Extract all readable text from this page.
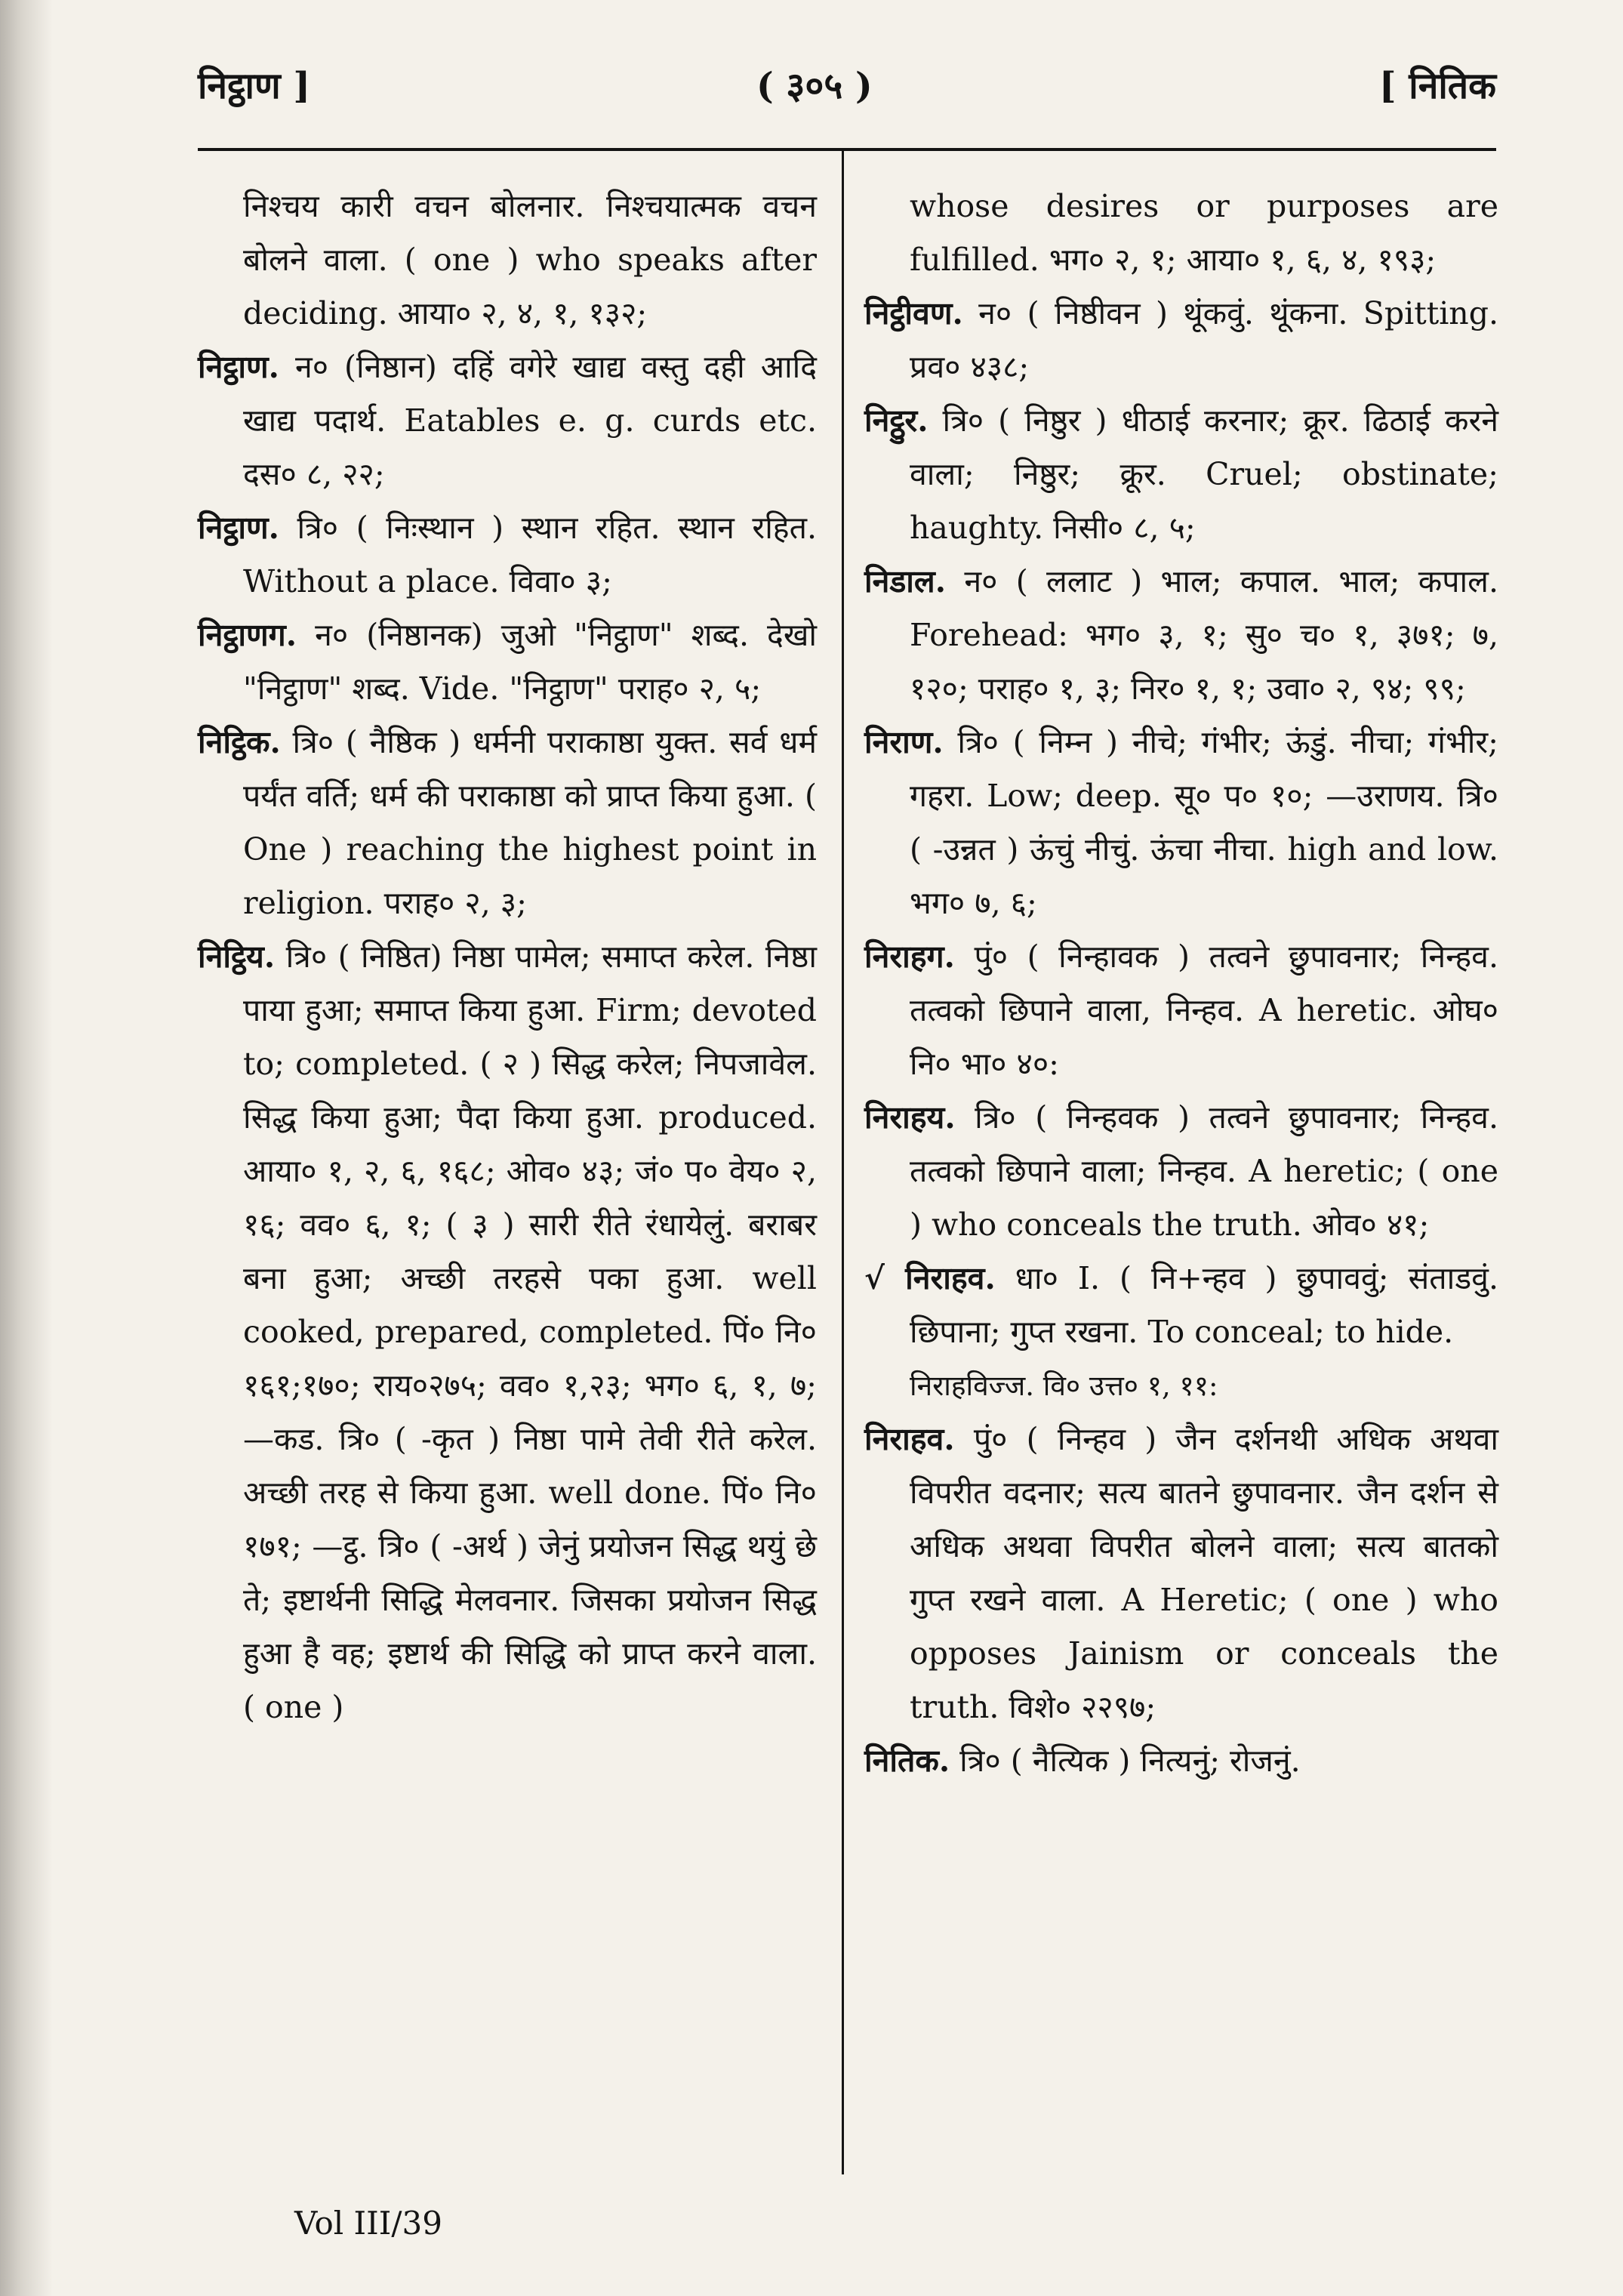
निट्ठाण ]	( ३०५ )	[ नितिक

निश्चय कारी वचन बोलनार. निश्चयात्मक वचन बोलने वाला. ( one ) who speaks after deciding. आया० २, ४, १, १३२;

निट्ठाण. न० (निष्ठान) दहिं वगेरे खाद्य वस्तु दही आदि खाद्य पदार्थ. Eatables e. g. curds etc. दस० ८, २२;

निट्ठाण. त्रि० ( निःस्थान ) स्थान रहित. स्थान रहित. Without a place. विवा० ३;

निट्ठाणग. न० (निष्ठानक) जुओ "निट्ठाण" शब्द. देखो "निट्ठाण" शब्द. Vide. "निट्ठाण" पराह० २, ५;

निट्ठिक. त्रि० ( नैष्ठिक ) धर्मनी पराकाष्ठा युक्त. सर्व धर्म पर्यंत वर्ति; धर्म की पराकाष्ठा को प्राप्त किया हुआ. ( One ) reaching the highest point in religion. पराह० २, ३;

निट्ठिय. त्रि० ( निष्ठित) निष्ठा पामेल; समाप्त करेल. निष्ठा पाया हुआ; समाप्त किया हुआ. Firm; devoted to; completed. ( २ ) सिद्ध करेल; निपजावेल. सिद्ध किया हुआ; पैदा किया हुआ. produced. आया० १, २, ६, १६८; ओव० ४३; जं० प० वेय० २, १६; वव० ६, १; ( ३ ) सारी रीते रंधायेलुं. बराबर बना हुआ; अच्छी तरहसे पका हुआ. well cooked, prepared, completed. पिं० नि० १६१;१७०; राय०२७५; वव० १,२३; भग० ६, १, ७; —कड. त्रि० ( -कृत ) निष्ठा पामे तेवी रीते करेल. अच्छी तरह से किया हुआ. well done. पिं० नि० १७१; —ट्ठ. त्रि० ( -अर्थ ) जेनुं प्रयोजन सिद्ध थयुं छे ते; इष्टार्थनी सिद्धि मेलवनार. जिसका प्रयोजन सिद्ध हुआ है वह; इष्टार्थ की सिद्धि को प्राप्त करने वाला. ( one )

whose desires or purposes are fulfilled. भग० २, १; आया० १, ६, ४, १९३;

निट्ठीवण. न० ( निष्ठीवन ) थूंकवुं. थूंकना. Spitting. प्रव० ४३८;

निट्ठुर. त्रि० ( निष्ठुर ) धीठाई करनार; क्रूर. ढिठाई करने वाला; निष्ठुर; क्रूर. Cruel; obstinate; haughty. निसी० ८, ५;

निडाल. न० ( ललाट ) भाल; कपाल. भाल; कपाल. Forehead: भग० ३, १; सु० च० १, ३७१; ७, १२०; पराह० १, ३; निर० १, १; उवा० २, ९४; ९९;

निराण. त्रि० ( निम्न ) नीचे; गंभीर; ऊंडुं. नीचा; गंभीर; गहरा. Low; deep. सू० प० १०; —उराणय. त्रि० ( -उन्नत ) ऊंचुं नीचुं. ऊंचा नीचा. high and low. भग० ७, ६;

निराहग. पुं० ( निन्हावक ) तत्वने छुपावनार; निन्हव. तत्वको छिपाने वाला, निन्हव. A heretic. ओघ० नि० भा० ४०:

निराहय. त्रि० ( निन्हवक ) तत्वने छुपावनार; निन्हव. तत्वको छिपाने वाला; निन्हव. A heretic; ( one ) who conceals the truth. ओव० ४१;

√ निराहव. धा० I. ( नि+न्हव ) छुपाववुं; संताडवुं. छिपाना; गुप्त रखना. To conceal; to hide.

निराहविज्ज. वि० उत्त० १, ११:

निराहव. पुं० ( निन्हव ) जैन दर्शनथी अधिक अथवा विपरीत वदनार; सत्य बातने छुपावनार. जैन दर्शन से अधिक अथवा विपरीत बोलने वाला; सत्य बातको गुप्त रखने वाला. A Heretic; ( one ) who opposes Jainism or conceals the truth. विशे० २२९७;

नितिक. त्रि० ( नैत्यिक ) नित्यनुं; रोजनुं.

Vol III/39
